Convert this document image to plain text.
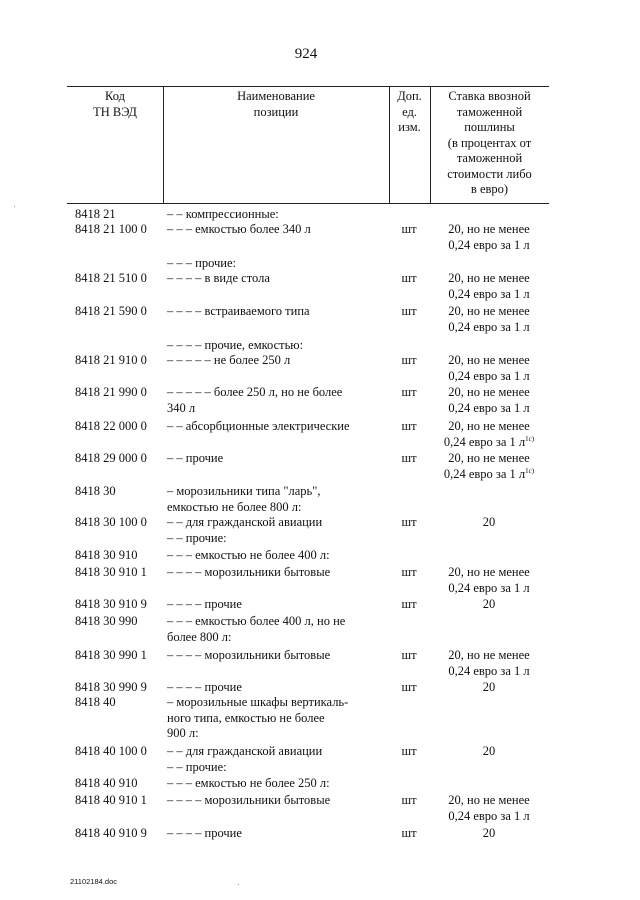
924
Код
ТН ВЭД
Наименование
позиции
Доп.
ед.
изм.
Ставка ввозной
таможенной
пошлины
(в процентах от
таможенной
стоимости либо
в евро)
8418 21	– – компрессионные:
8418 21 100 0 – – – емкостью более 340 л	шт	20, но не менее
0,24 евро за 1 л
– – – прочие:
8418 21 510 0 – – – – в виде стола	шт	20, но не менее
0,24 евро за 1 л
8418 21 590 0 – – – – встраиваемого типа	шт	20, но не менее
0,24 евро за 1 л
– – – – прочие, емкостью:
8418 21 910 0 – – – – – не более 250 л	шт	20, но не менее
0,24 евро за 1 л
8418 21 990 0 – – – – – более 250 л, но не более
340 л
шт	20, но не менее
0,24 евро за 1 л
8418 22 000 0 – – абсорбционные электрические	шт	20, но не менее
0,24 евро за 1 $л^{1с)}$
8418 29 000 0 – – прочие	шт	20, но не менее
0,24 евро за 1 $л^{1с)}$
8418 30	– морозильники типа "ларь",
емкостью не более 800 л:
8418 30 100 0 – – для гражданской авиации	шт	20
– – прочие:
8418 30 910 – – – емкостью не более 400 л:
8418 30 910 1 – – – – морозильники бытовые	шт	20, но не менее
0,24 евро за 1 л
8418 30 910 9 – – – – прочие	шт	20
8418 30 990 – – – емкостью более 400 л, но не
более 800 л:
8418 30 990 1 – – – – морозильники бытовые	шт	20, но не менее
0,24 евро за 1 л
8418 30 990 9 – – – – прочие	шт	20
8418 40	– морозильные шкафы вертикаль-
ного типа, емкостью не более
900 л:
8418 40 100 0 – – для гражданской авиации	шт	20
– – прочие:
8418 40 910 – – – емкостью не более 250 л:
8418 40 910 1 – – – – морозильники бытовые	шт	20, но не менее
0,24 евро за 1 л
8418 40 910 9 – – – – прочие	шт	20
'
'
21102184.doc
